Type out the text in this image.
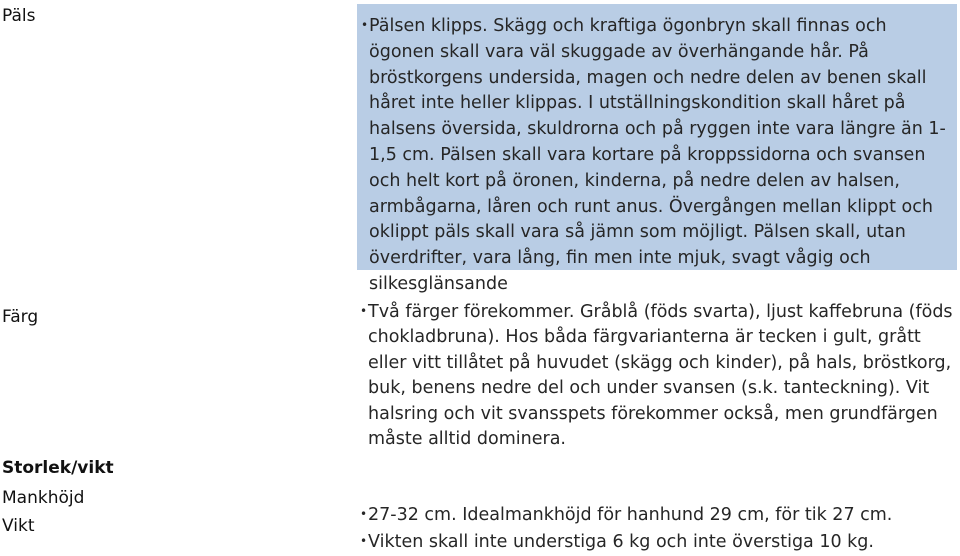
Päls
Färg
Storlek/vikt
Mankhöjd
Vikt

•Pälsen klipps. Skägg och kraftiga ögonbryn skall finnas och ögonen skall vara väl skuggade av överhängande hår. På bröstkorgens undersida, magen och nedre delen av benen skall håret inte heller klippas. I utställningskondition skall håret på halsens översida, skuldrorna och på ryggen inte vara längre än 1-1,5 cm. Pälsen skall vara kortare på kroppssidorna och svansen och helt kort på öronen, kinderna, på nedre delen av halsen, armbågarna, låren och runt anus. Övergången mellan klippt och oklippt päls skall vara så jämn som möjligt. Pälsen skall, utan överdrifter, vara lång, fin men inte mjuk, svagt vågig och silkesglänsande

•Två färger förekommer. Gråblå (föds svarta), ljust kaffebruna (föds chokladbruna). Hos båda färgvarianterna är tecken i gult, grått eller vitt tillåtet på huvudet (skägg och kinder), på hals, bröstkorg, buk, benens nedre del och under svansen (s.k. tanteckning). Vit halsring och vit svansspets förekommer också, men grundfärgen måste alltid dominera.

•27-32 cm. Idealmankhöjd för hanhund 29 cm, för tik 27 cm.

•Vikten skall inte understiga 6 kg och inte överstiga 10 kg.
